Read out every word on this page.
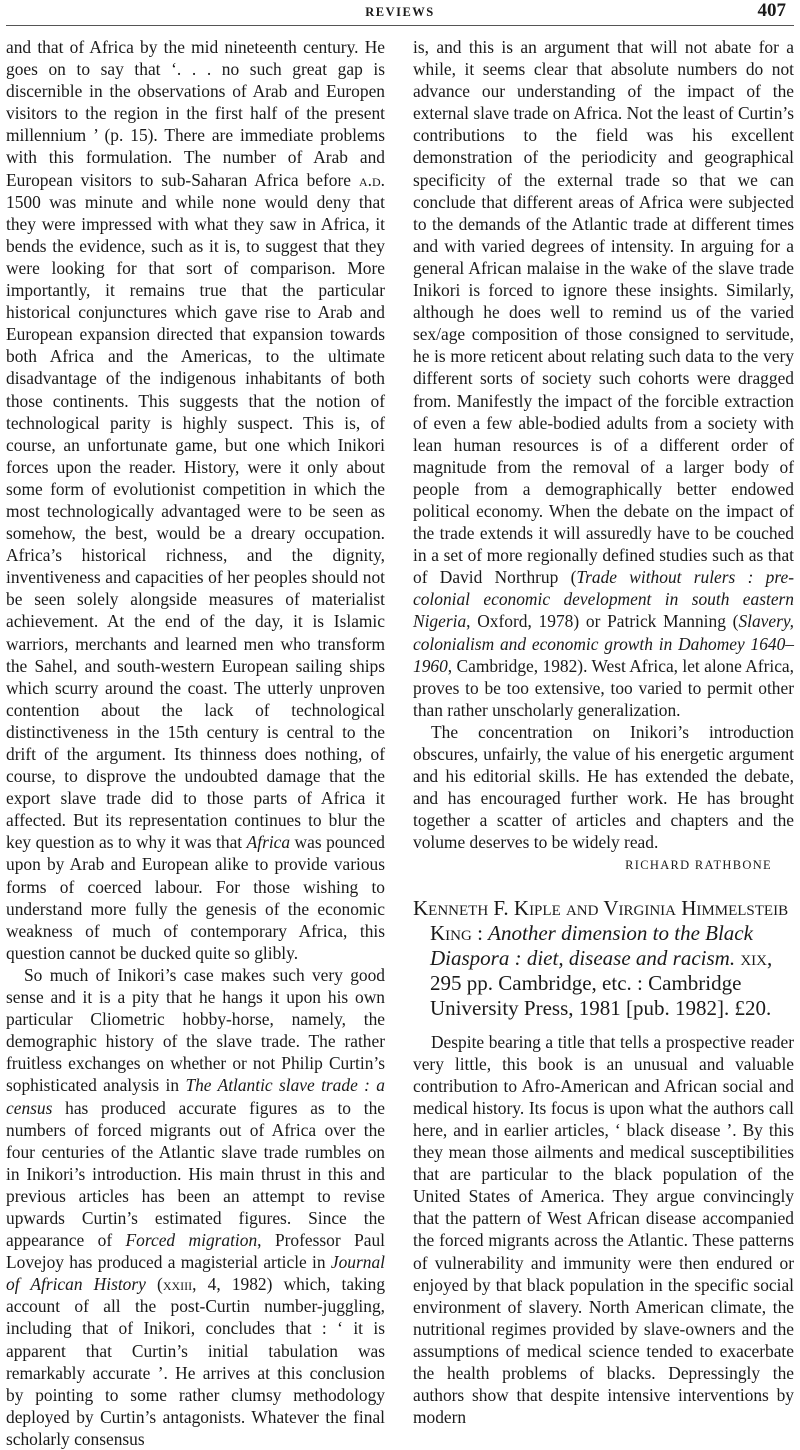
REVIEWS	407

and that of Africa by the mid nineteenth century. He goes on to say that ‘. . . no such great gap is discernible in the observations of Arab and Europen visitors to the region in the first half of the present millennium ’ (p. 15). There are immediate problems with this formulation. The number of Arab and European visitors to sub-Saharan Africa before a.d. 1500 was minute and while none would deny that they were impressed with what they saw in Africa, it bends the evidence, such as it is, to suggest that they were looking for that sort of comparison. More importantly, it remains true that the particular historical conjunctures which gave rise to Arab and European expansion directed that expansion towards both Africa and the Americas, to the ultimate disadvantage of the indigenous inhabitants of both those continents. This suggests that the notion of technological parity is highly suspect. This is, of course, an unfortunate game, but one which Inikori forces upon the reader. History, were it only about some form of evolutionist competition in which the most technologically advantaged were to be seen as somehow, the best, would be a dreary occupation. Africa’s historical richness, and the dignity, inventiveness and capacities of her peoples should not be seen solely alongside measures of materialist achievement. At the end of the day, it is Islamic warriors, merchants and learned men who transform the Sahel, and south-western European sailing ships which scurry around the coast. The utterly unproven contention about the lack of technological distinctiveness in the 15th century is central to the drift of the argument. Its thinness does nothing, of course, to disprove the undoubted damage that the export slave trade did to those parts of Africa it affected. But its representation continues to blur the key question as to why it was that Africa was pounced upon by Arab and European alike to provide various forms of coerced labour. For those wishing to understand more fully the genesis of the economic weakness of much of contemporary Africa, this question cannot be ducked quite so glibly.

So much of Inikori’s case makes such very good sense and it is a pity that he hangs it upon his own particular Cliometric hobby-horse, namely, the demographic history of the slave trade. The rather fruitless exchanges on whether or not Philip Curtin’s sophisticated analysis in The Atlantic slave trade : a census has produced accurate figures as to the numbers of forced migrants out of Africa over the four centuries of the Atlantic slave trade rumbles on in Inikori’s introduction. His main thrust in this and previous articles has been an attempt to revise upwards Curtin’s estimated figures. Since the appearance of Forced migration, Professor Paul Lovejoy has produced a magisterial article in Journal of African History (xxiii, 4, 1982) which, taking account of all the post-Curtin number-juggling, including that of Inikori, concludes that : ‘ it is apparent that Curtin’s initial tabulation was remarkably accurate ’. He arrives at this conclusion by pointing to some rather clumsy methodology deployed by Curtin’s antagonists. Whatever the final scholarly consensus

is, and this is an argument that will not abate for a while, it seems clear that absolute numbers do not advance our understanding of the impact of the external slave trade on Africa. Not the least of Curtin’s contributions to the field was his excellent demonstration of the periodicity and geographical specificity of the external trade so that we can conclude that different areas of Africa were subjected to the demands of the Atlantic trade at different times and with varied degrees of intensity. In arguing for a general African malaise in the wake of the slave trade Inikori is forced to ignore these insights. Similarly, although he does well to remind us of the varied sex/age composition of those consigned to servitude, he is more reticent about relating such data to the very different sorts of society such cohorts were dragged from. Manifestly the impact of the forcible extraction of even a few able-bodied adults from a society with lean human resources is of a different order of magnitude from the removal of a larger body of people from a demographically better endowed political economy. When the debate on the impact of the trade extends it will assuredly have to be couched in a set of more regionally defined studies such as that of David Northrup (Trade without rulers : pre-colonial economic development in south eastern Nigeria, Oxford, 1978) or Patrick Manning (Slavery, colonialism and economic growth in Dahomey 1640–1960, Cambridge, 1982). West Africa, let alone Africa, proves to be too extensive, too varied to permit other than rather unscholarly generalization.

The concentration on Inikori’s introduction obscures, unfairly, the value of his energetic argument and his editorial skills. He has extended the debate, and has encouraged further work. He has brought together a scatter of articles and chapters and the volume deserves to be widely read.

RICHARD RATHBONE

Kenneth F. Kiple and Virginia Himmelsteib King : Another dimension to the Black Diaspora : diet, disease and racism. xix, 295 pp. Cambridge, etc. : Cambridge University Press, 1981 [pub. 1982]. £20.

Despite bearing a title that tells a prospective reader very little, this book is an unusual and valuable contribution to Afro-American and African social and medical history. Its focus is upon what the authors call here, and in earlier articles, ‘ black disease ’. By this they mean those ailments and medical susceptibilities that are particular to the black population of the United States of America. They argue convincingly that the pattern of West African disease accompanied the forced migrants across the Atlantic. These patterns of vulnerability and immunity were then endured or enjoyed by that black population in the specific social environment of slavery. North American climate, the nutritional regimes provided by slave-owners and the assumptions of medical science tended to exacerbate the health problems of blacks. Depressingly the authors show that despite intensive interventions by modern
